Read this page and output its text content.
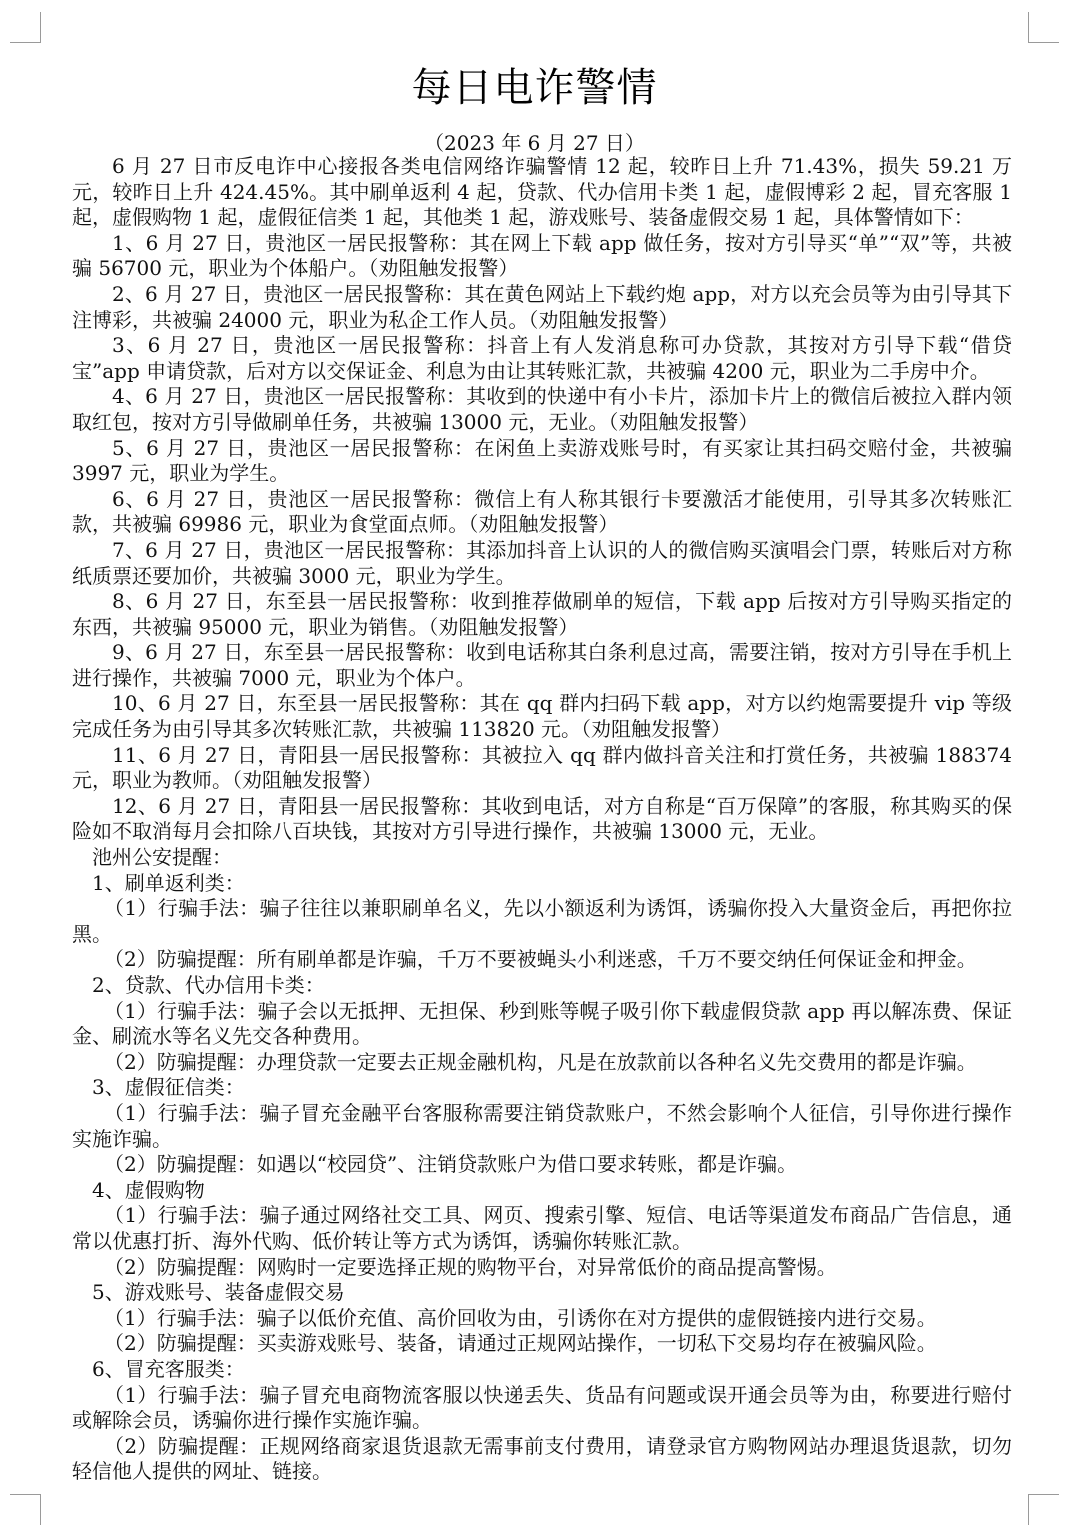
每日电诈警情
（2023 年 6 月 27 日）

6 月 27 日市反电诈中心接报各类电信网络诈骗警情 12 起，较昨日上升 71.43%，损失 59.21 万元，较昨日上升 424.45%。其中刷单返利 4 起，贷款、代办信用卡类 1 起，虚假博彩 2 起，冒充客服 1 起，虚假购物 1 起，虚假征信类 1 起，其他类 1 起，游戏账号、装备虚假交易 1 起，具体警情如下：

1、6 月 27 日，贵池区一居民报警称：其在网上下载 app 做任务，按对方引导买“单”“双”等，共被骗 56700 元，职业为个体船户。（劝阻触发报警）

2、6 月 27 日，贵池区一居民报警称：其在黄色网站上下载约炮 app，对方以充会员等为由引导其下注博彩，共被骗 24000 元，职业为私企工作人员。（劝阻触发报警）

3、6 月 27 日，贵池区一居民报警称：抖音上有人发消息称可办贷款，其按对方引导下载“借贷宝”app 申请贷款，后对方以交保证金、利息为由让其转账汇款，共被骗 4200 元，职业为二手房中介。

4、6 月 27 日，贵池区一居民报警称：其收到的快递中有小卡片，添加卡片上的微信后被拉入群内领取红包，按对方引导做刷单任务，共被骗 13000 元，无业。（劝阻触发报警）

5、6 月 27 日，贵池区一居民报警称：在闲鱼上卖游戏账号时，有买家让其扫码交赔付金，共被骗 3997 元，职业为学生。

6、6 月 27 日，贵池区一居民报警称：微信上有人称其银行卡要激活才能使用，引导其多次转账汇款，共被骗 69986 元，职业为食堂面点师。（劝阻触发报警）

7、6 月 27 日，贵池区一居民报警称：其添加抖音上认识的人的微信购买演唱会门票，转账后对方称纸质票还要加价，共被骗 3000 元，职业为学生。

8、6 月 27 日，东至县一居民报警称：收到推荐做刷单的短信，下载 app 后按对方引导购买指定的东西，共被骗 95000 元，职业为销售。（劝阻触发报警）

9、6 月 27 日，东至县一居民报警称：收到电话称其白条利息过高，需要注销，按对方引导在手机上进行操作，共被骗 7000 元，职业为个体户。

10、6 月 27 日，东至县一居民报警称：其在 qq 群内扫码下载 app，对方以约炮需要提升 vip 等级完成任务为由引导其多次转账汇款，共被骗 113820 元。（劝阻触发报警）

11、6 月 27 日，青阳县一居民报警称：其被拉入 qq 群内做抖音关注和打赏任务，共被骗 188374 元，职业为教师。（劝阻触发报警）

12、6 月 27 日，青阳县一居民报警称：其收到电话，对方自称是“百万保障”的客服，称其购买的保险如不取消每月会扣除八百块钱，其按对方引导进行操作，共被骗 13000 元，无业。

池州公安提醒：

1、刷单返利类：

（1）行骗手法：骗子往往以兼职刷单名义，先以小额返利为诱饵，诱骗你投入大量资金后，再把你拉黑。

（2）防骗提醒：所有刷单都是诈骗，千万不要被蝇头小利迷惑，千万不要交纳任何保证金和押金。

2、贷款、代办信用卡类：

（1）行骗手法：骗子会以无抵押、无担保、秒到账等幌子吸引你下载虚假贷款 app 再以解冻费、保证金、刷流水等名义先交各种费用。

（2）防骗提醒：办理贷款一定要去正规金融机构，凡是在放款前以各种名义先交费用的都是诈骗。

3、虚假征信类：

（1）行骗手法：骗子冒充金融平台客服称需要注销贷款账户，不然会影响个人征信，引导你进行操作实施诈骗。

（2）防骗提醒：如遇以“校园贷”、注销贷款账户为借口要求转账，都是诈骗。

4、虚假购物

（1）行骗手法：骗子通过网络社交工具、网页、搜索引擎、短信、电话等渠道发布商品广告信息，通常以优惠打折、海外代购、低价转让等方式为诱饵，诱骗你转账汇款。

（2）防骗提醒：网购时一定要选择正规的购物平台，对异常低价的商品提高警惕。

5、游戏账号、装备虚假交易

（1）行骗手法：骗子以低价充值、高价回收为由，引诱你在对方提供的虚假链接内进行交易。

（2）防骗提醒：买卖游戏账号、装备，请通过正规网站操作，一切私下交易均存在被骗风险。

6、冒充客服类：

（1）行骗手法：骗子冒充电商物流客服以快递丢失、货品有问题或误开通会员等为由，称要进行赔付或解除会员，诱骗你进行操作实施诈骗。

（2）防骗提醒：正规网络商家退货退款无需事前支付费用，请登录官方购物网站办理退货退款，切勿轻信他人提供的网址、链接。
